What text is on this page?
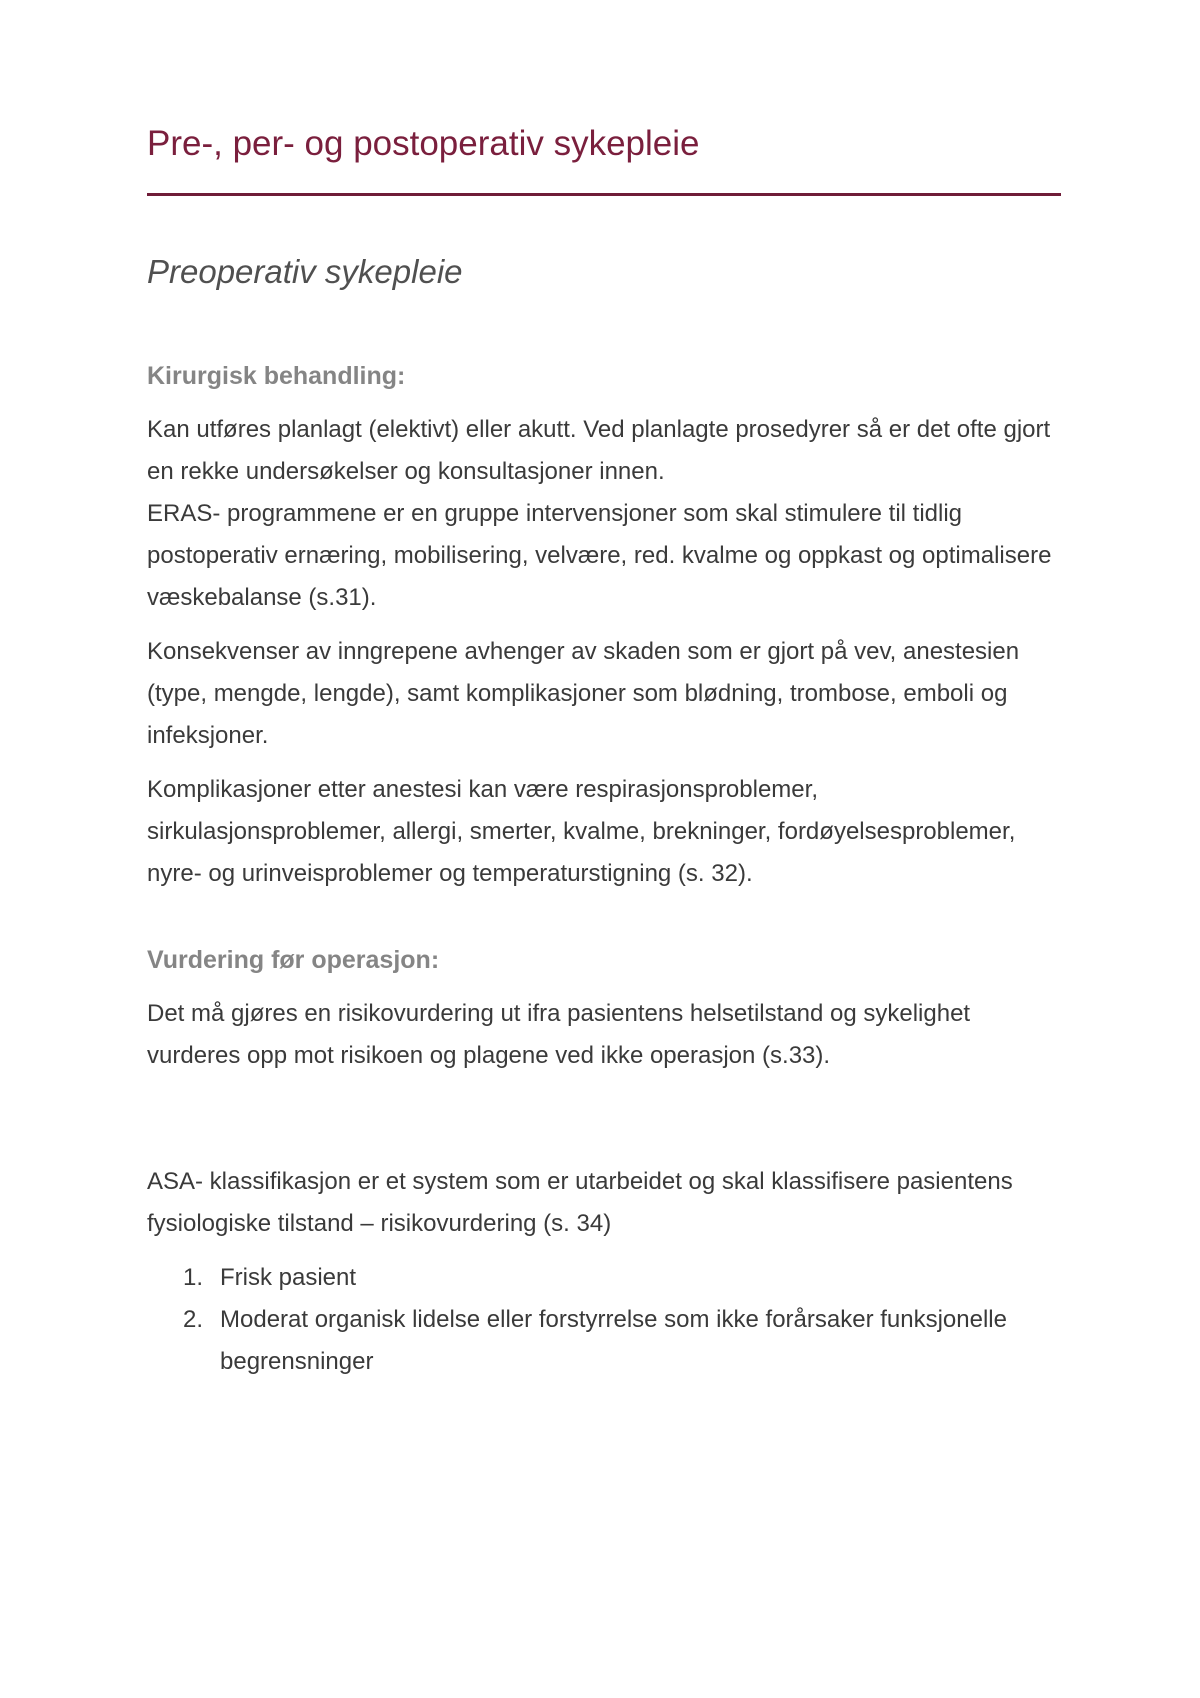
Pre-, per- og postoperativ sykepleie
Preoperativ sykepleie
Kirurgisk behandling:
Kan utføres planlagt (elektivt) eller akutt. Ved planlagte prosedyrer så er det ofte gjort en rekke undersøkelser og konsultasjoner innen.
ERAS- programmene er en gruppe intervensjoner som skal stimulere til tidlig postoperativ ernæring, mobilisering, velvære, red. kvalme og oppkast og optimalisere væskebalanse (s.31).

Konsekvenser av inngrepene avhenger av skaden som er gjort på vev, anestesien (type, mengde, lengde), samt komplikasjoner som blødning, trombose, emboli og infeksjoner.

Komplikasjoner etter anestesi kan være respirasjonsproblemer, sirkulasjonsproblemer, allergi, smerter, kvalme, brekninger, fordøyelsesproblemer, nyre- og urinveisproblemer og temperaturstigning (s. 32).

Vurdering før operasjon:

Det må gjøres en risikovurdering ut ifra pasientens helsetilstand og sykelighet vurderes opp mot risikoen og plagene ved ikke operasjon (s.33).

ASA- klassifikasjon er et system som er utarbeidet og skal klassifisere pasientens fysiologiske tilstand – risikovurdering (s. 34)

1. Frisk pasient
2. Moderat organisk lidelse eller forstyrrelse som ikke forårsaker funksjonelle begrensninger
